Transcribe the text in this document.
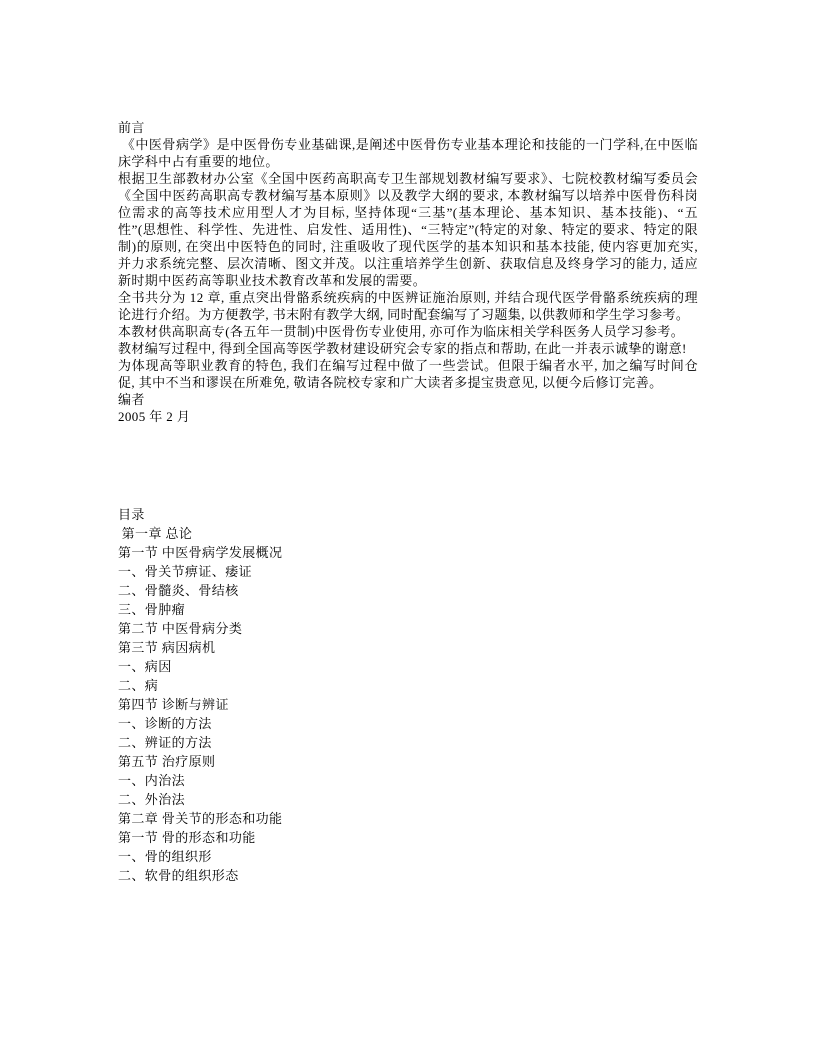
前言

《中医骨病学》是中医骨伤专业基础课,是阐述中医骨伤专业基本理论和技能的一门学科,在中医临床学科中占有重要的地位。

根据卫生部教材办公室《全国中医药高职高专卫生部规划教材编写要求》、七院校教材编写委员会《全国中医药高职高专教材编写基本原则》以及教学大纲的要求, 本教材编写以培养中医骨伤科岗位需求的高等技术应用型人才为目标, 坚持体现“三基”(基本理论、基本知识、基本技能)、“五性”(思想性、科学性、先进性、启发性、适用性)、“三特定”(特定的对象、特定的要求、特定的限制)的原则, 在突出中医特色的同时, 注重吸收了现代医学的基本知识和基本技能, 使内容更加充实, 并力求系统完整、层次清晰、图文并茂。以注重培养学生创新、获取信息及终身学习的能力, 适应新时期中医药高等职业技术教育改革和发展的需要。

全书共分为 12 章, 重点突出骨骼系统疾病的中医辨证施治原则, 并结合现代医学骨骼系统疾病的理论进行介绍。为方便教学, 书末附有教学大纲, 同时配套编写了习题集, 以供教师和学生学习参考。

本教材供高职高专(各五年一贯制)中医骨伤专业使用, 亦可作为临床相关学科医务人员学习参考。

教材编写过程中, 得到全国高等医学教材建设研究会专家的指点和帮助, 在此一并表示诚挚的谢意!

为体现高等职业教育的特色, 我们在编写过程中做了一些尝试。但限于编者水平, 加之编写时间仓促, 其中不当和谬误在所难免, 敬请各院校专家和广大读者多提宝贵意见, 以便今后修订完善。

编者

2005 年 2 月

目录

第一章 总论

第一节 中医骨病学发展概况

一、骨关节痹证、痿证

二、骨髓炎、骨结核

三、骨肿瘤

第二节 中医骨病分类

第三节 病因病机

一、病因

二、病

第四节 诊断与辨证

一、诊断的方法

二、辨证的方法

第五节 治疗原则

一、内治法

二、外治法

第二章 骨关节的形态和功能

第一节 骨的形态和功能

一、骨的组织形

二、软骨的组织形态
